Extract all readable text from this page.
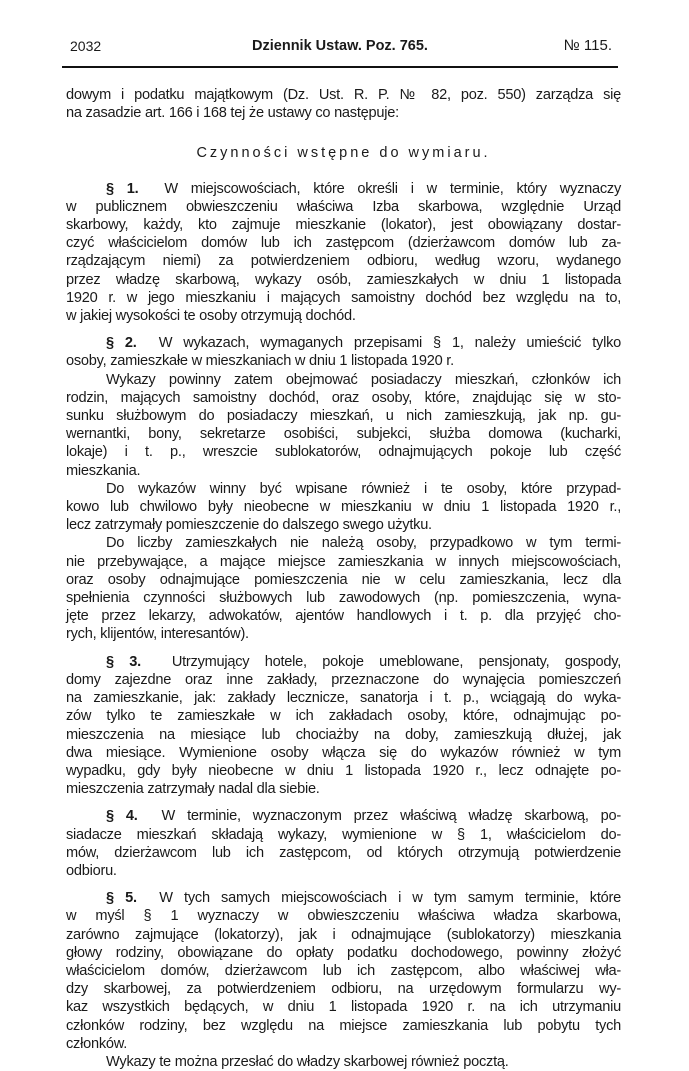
2032	Dziennik Ustaw. Poz. 765.	№ 115.

dowym i podatku majątkowym (Dz. Ust. R. P. № 82, poz. 550) zarządza się
na zasadzie art. 166 i 168 tej że ustawy co następuje:

Czynności wstępne do wymiaru.

§ 1. W miejscowościach, które określi i w terminie, który wyznaczy
w publicznem obwieszczeniu właściwa Izba skarbowa, względnie Urząd
skarbowy, każdy, kto zajmuje mieszkanie (lokator), jest obowiązany dostar-
czyć właścicielom domów lub ich zastępcom (dzierżawcom domów lub za-
rządzającym niemi) za potwierdzeniem odbioru, według wzoru, wydanego
przez władzę skarbową, wykazy osób, zamieszkałych w dniu 1 listopada
1920 r. w jego mieszkaniu i mających samoistny dochód bez względu na to,
w jakiej wysokości te osoby otrzymują dochód.

§ 2. W wykazach, wymaganych przepisami § 1, należy umieścić tylko
osoby, zamieszkałe w mieszkaniach w dniu 1 listopada 1920 r.

Wykazy powinny zatem obejmować posiadaczy mieszkań, członków ich
rodzin, mających samoistny dochód, oraz osoby, które, znajdując się w sto-
sunku służbowym do posiadaczy mieszkań, u nich zamieszkują, jak np. gu-
wernantki, bony, sekretarze osobiści, subjekci, służba domowa (kucharki,
lokaje) i t. p., wreszcie sublokatorów, odnajmujących pokoje lub część
mieszkania.

Do wykazów winny być wpisane również i te osoby, które przypad-
kowo lub chwilowo były nieobecne w mieszkaniu w dniu 1 listopada 1920 r.,
lecz zatrzymały pomieszczenie do dalszego swego użytku.

Do liczby zamieszkałych nie należą osoby, przypadkowo w tym termi-
nie przebywające, a mające miejsce zamieszkania w innych miejscowościach,
oraz osoby odnajmujące pomieszczenia nie w celu zamieszkania, lecz dla
spełnienia czynności służbowych lub zawodowych (np. pomieszczenia, wyna-
jęte przez lekarzy, adwokatów, ajentów handlowych i t. p. dla przyjęć cho-
rych, klijentów, interesantów).

§ 3. Utrzymujący hotele, pokoje umeblowane, pensjonaty, gospody,
domy zajezdne oraz inne zakłady, przeznaczone do wynajęcia pomieszczeń
na zamieszkanie, jak: zakłady lecznicze, sanatorja i t. p., wciągają do wyka-
zów tylko te zamieszkałe w ich zakładach osoby, które, odnajmując po-
mieszczenia na miesiące lub chociażby na doby, zamieszkują dłużej, jak
dwa miesiące. Wymienione osoby włącza się do wykazów również w tym
wypadku, gdy były nieobecne w dniu 1 listopada 1920 r., lecz odnajęte po-
mieszczenia zatrzymały nadal dla siebie.

§ 4. W terminie, wyznaczonym przez właściwą władzę skarbową, po-
siadacze mieszkań składają wykazy, wymienione w § 1, właścicielom do-
mów, dzierżawcom lub ich zastępcom, od których otrzymują potwierdzenie
odbioru.

§ 5. W tych samych miejscowościach i w tym samym terminie, które
w myśl § 1 wyznaczy w obwieszczeniu właściwa władza skarbowa,
zarówno zajmujące (lokatorzy), jak i odnajmujące (sublokatorzy) mieszkania
głowy rodziny, obowiązane do opłaty podatku dochodowego, powinny złożyć
właścicielom domów, dzierżawcom lub ich zastępcom, albo właściwej wła-
dzy skarbowej, za potwierdzeniem odbioru, na urzędowym formularzu wy-
kaz wszystkich będących, w dniu 1 listopada 1920 r. na ich utrzymaniu
członków rodziny, bez względu na miejsce zamieszkania lub pobytu tych
członków.

Wykazy te można przesłać do władzy skarbowej również pocztą.
